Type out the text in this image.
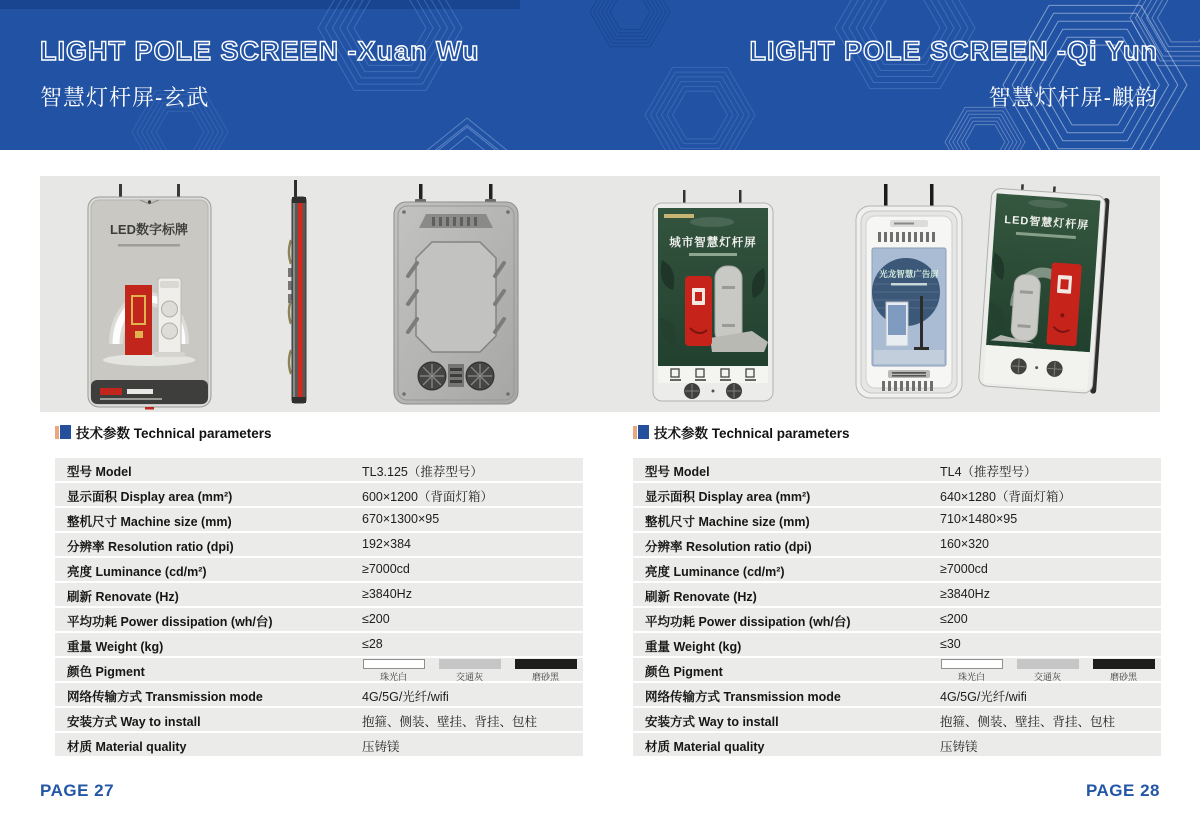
LIGHT POLE SCREEN -Xuan Wu
智慧灯杆屏-玄武
LIGHT POLE SCREEN -Qi Yun
智慧灯杆屏-麒韵
LED数字标牌
城市智慧灯杆屏
光龙智慧广告屏
LED智慧灯杆屏
技术参数 Technical parameters
型号 Model	TL3.125（推荐型号）
显示面积 Display area (mm²)	600×1200（背面灯箱）
整机尺寸 Machine size (mm)	670×1300×95
分辨率 Resolution ratio (dpi)	192×384
亮度 Luminance (cd/m²)	≥7000cd
刷新 Renovate (Hz)	≥3840Hz
平均功耗 Power dissipation (wh/台)	≤200
重量 Weight (kg)	≤28
颜色 Pigment	珠光白	交通灰	磨砂黑
网络传输方式 Transmission mode	4G/5G/光纤/wifi
安装方式 Way to install	抱箍、侧装、壁挂、背挂、包柱
材质 Material quality	压铸镁
技术参数 Technical parameters
型号 Model	TL4（推荐型号）
显示面积 Display area (mm²)	640×1280（背面灯箱）
整机尺寸 Machine size (mm)	710×1480×95
分辨率 Resolution ratio (dpi)	160×320
亮度 Luminance (cd/m²)	≥7000cd
刷新 Renovate (Hz)	≥3840Hz
平均功耗 Power dissipation (wh/台)	≤200
重量 Weight (kg)	≤30
颜色 Pigment	珠光白	交通灰	磨砂黑
网络传输方式 Transmission mode	4G/5G/光纤/wifi
安装方式 Way to install	抱箍、侧装、壁挂、背挂、包柱
材质 Material quality	压铸镁
PAGE 27	PAGE 28
